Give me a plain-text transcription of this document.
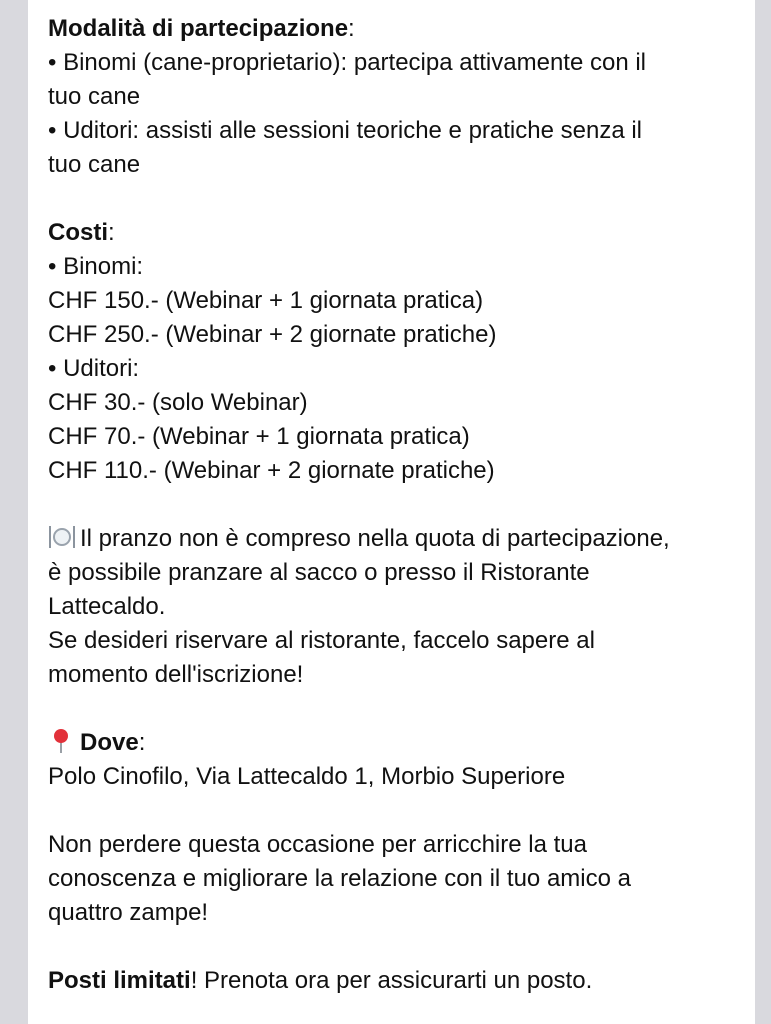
Modalità di partecipazione:
• Binomi (cane-proprietario): partecipa attivamente con il
tuo cane
• Uditori: assisti alle sessioni teoriche e pratiche senza il
tuo cane
Costi:
• Binomi:
CHF 150.- (Webinar + 1 giornata pratica)
CHF 250.- (Webinar + 2 giornate pratiche)
• Uditori:
CHF 30.- (solo Webinar)
CHF 70.- (Webinar + 1 giornata pratica)
CHF 110.- (Webinar + 2 giornate pratiche)
Il pranzo non è compreso nella quota di partecipazione,
è possibile pranzare al sacco o presso il Ristorante
Lattecaldo.
Se desideri riservare al ristorante, faccelo sapere al
momento dell'iscrizione!
Dove:
Polo Cinofilo, Via Lattecaldo 1, Morbio Superiore
Non perdere questa occasione per arricchire la tua
conoscenza e migliorare la relazione con il tuo amico a
quattro zampe!
Posti limitati! Prenota ora per assicurarti un posto.
